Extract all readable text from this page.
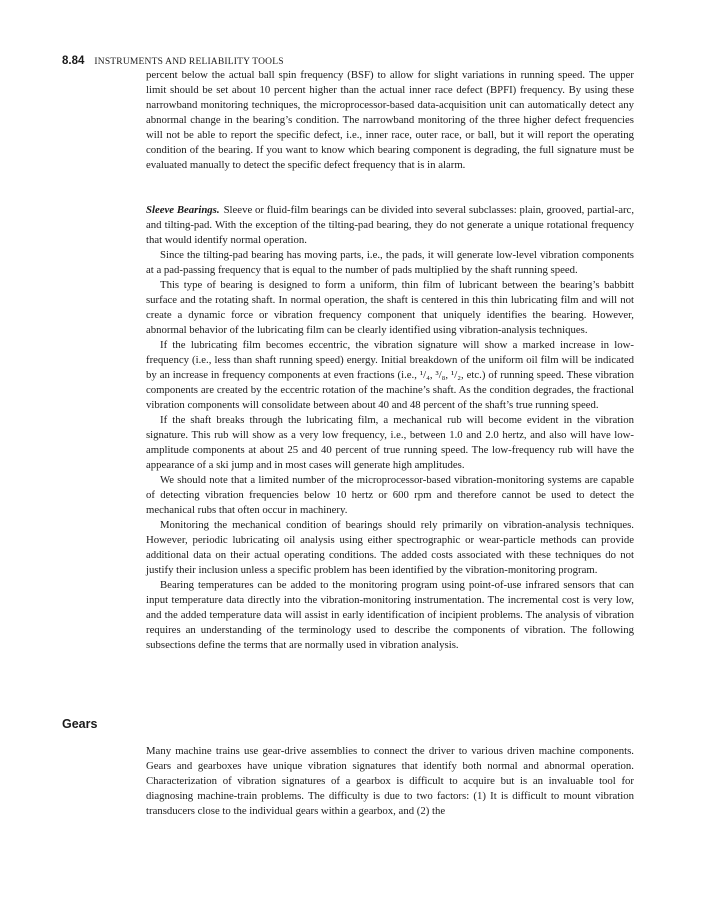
8.84 INSTRUMENTS AND RELIABILITY TOOLS

percent below the actual ball spin frequency (BSF) to allow for slight variations in running speed. The upper limit should be set about 10 percent higher than the actual inner race defect (BPFI) frequency. By using these narrowband monitoring techniques, the microprocessor-based data-acquisition unit can automatically detect any abnormal change in the bearing’s condition. The narrowband monitoring of the three higher defect frequencies will not be able to report the specific defect, i.e., inner race, outer race, or ball, but it will report the operating condition of the bearing. If you want to know which bearing component is degrading, the full signature must be evaluated manually to detect the specific defect frequency that is in alarm.

Sleeve Bearings. Sleeve or fluid-film bearings can be divided into several subclasses: plain, grooved, partial-arc, and tilting-pad. With the exception of the tilting-pad bearing, they do not generate a unique rotational frequency that would identify normal operation.

Since the tilting-pad bearing has moving parts, i.e., the pads, it will generate low-level vibration components at a pad-passing frequency that is equal to the number of pads multiplied by the shaft running speed.

This type of bearing is designed to form a uniform, thin film of lubricant between the bearing’s babbitt surface and the rotating shaft. In normal operation, the shaft is centered in this thin lubricating film and will not create a dynamic force or vibration frequency component that uniquely identifies the bearing. However, abnormal behavior of the lubricating film can be clearly identified using vibration-analysis techniques.

If the lubricating film becomes eccentric, the vibration signature will show a marked increase in low-frequency (i.e., less than shaft running speed) energy. Initial breakdown of the uniform oil film will be indicated by an increase in frequency components at even fractions (i.e., ¹/₄, ³/₈, ¹/₂, etc.) of running speed. These vibration components are created by the eccentric rotation of the machine’s shaft. As the condition degrades, the fractional vibration components will consolidate between about 40 and 48 percent of the shaft’s true running speed.

If the shaft breaks through the lubricating film, a mechanical rub will become evident in the vibration signature. This rub will show as a very low frequency, i.e., between 1.0 and 2.0 hertz, and also will have low-amplitude components at about 25 and 40 percent of true running speed. The low-frequency rub will have the appearance of a ski jump and in most cases will generate high amplitudes.

We should note that a limited number of the microprocessor-based vibration-monitoring systems are capable of detecting vibration frequencies below 10 hertz or 600 rpm and therefore cannot be used to detect the mechanical rubs that often occur in machinery.

Monitoring the mechanical condition of bearings should rely primarily on vibration-analysis techniques. However, periodic lubricating oil analysis using either spectrographic or wear-particle methods can provide additional data on their actual operating conditions. The added costs associated with these techniques do not justify their inclusion unless a specific problem has been identified by the vibration-monitoring program.

Bearing temperatures can be added to the monitoring program using point-of-use infrared sensors that can input temperature data directly into the vibration-monitoring instrumentation. The incremental cost is very low, and the added temperature data will assist in early identification of incipient problems. The analysis of vibration requires an understanding of the terminology used to describe the components of vibration. The following subsections define the terms that are normally used in vibration analysis.

Gears

Many machine trains use gear-drive assemblies to connect the driver to various driven machine components. Gears and gearboxes have unique vibration signatures that identify both normal and abnormal operation. Characterization of vibration signatures of a gearbox is difficult to acquire but is an invaluable tool for diagnosing machine-train problems. The difficulty is due to two factors: (1) It is difficult to mount vibration transducers close to the individual gears within a gearbox, and (2) the
